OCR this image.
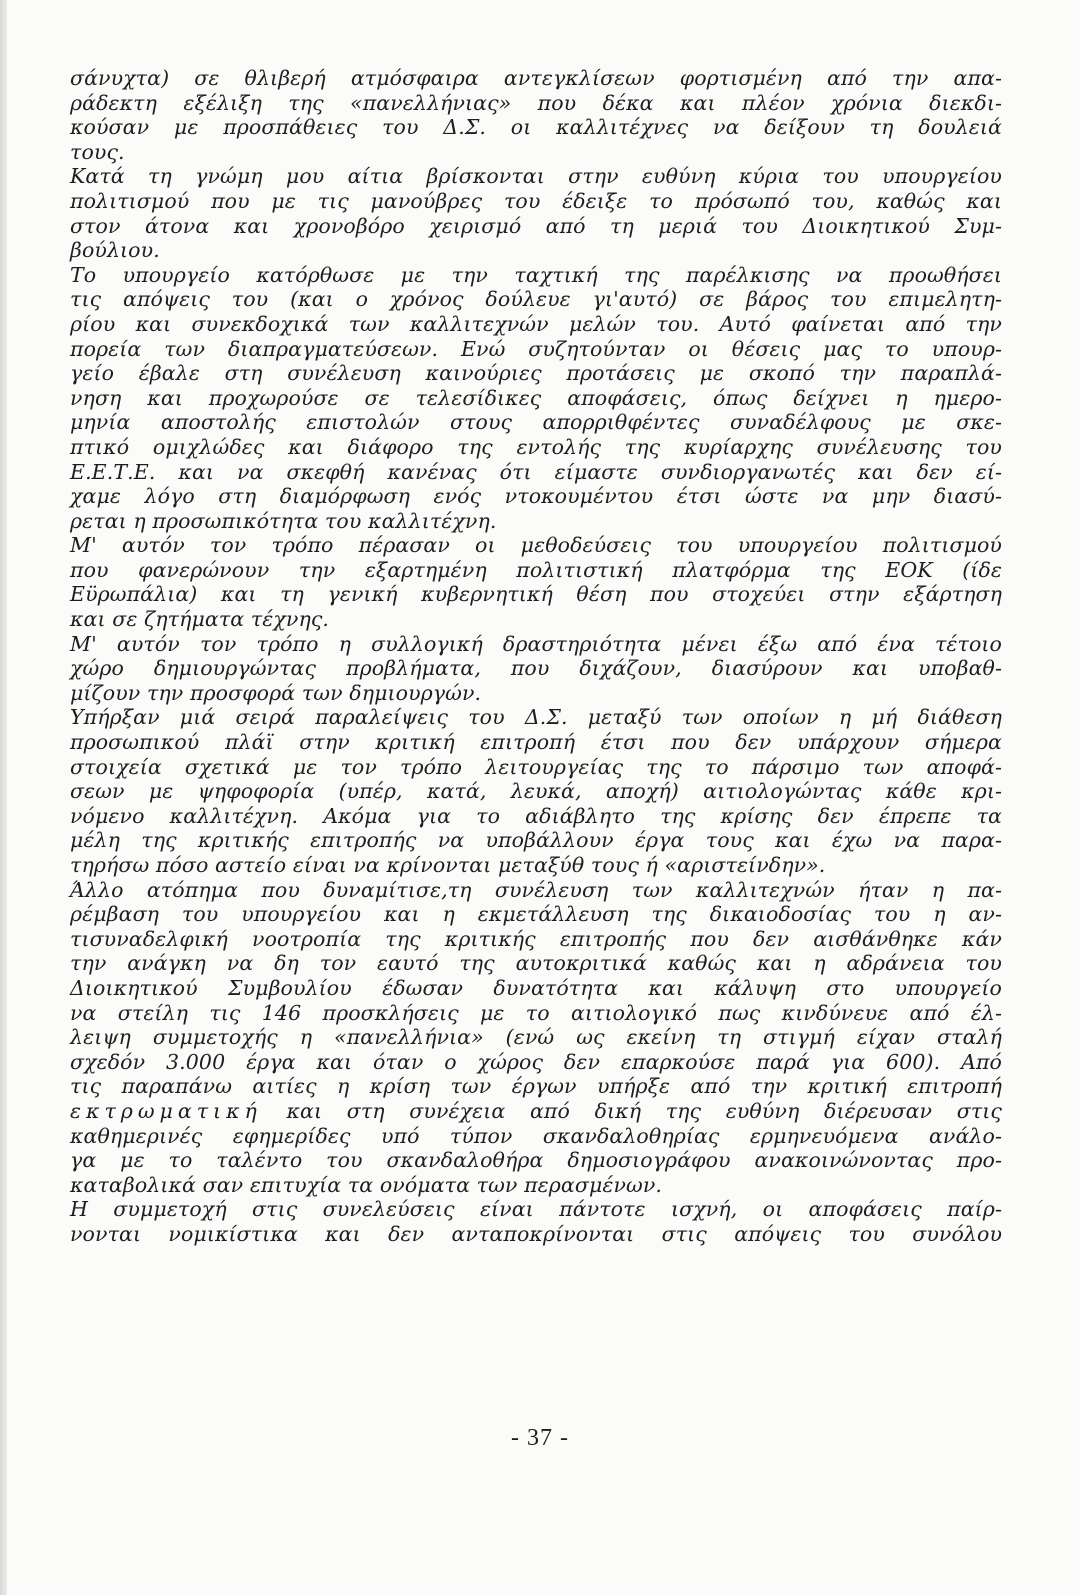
σάνυχτα) σε θλιβερή ατμόσφαιρα αντεγκλίσεων φορτισμένη από την απα-
ράδεκτη εξέλιξη της «πανελλήνιας» που δέκα και πλέον χρόνια διεκδι-
κούσαν με προσπάθειες του Δ.Σ. οι καλλιτέχνες να δείξουν τη δουλειά
τους.
Κατά τη γνώμη μου αίτια βρίσκονται στην ευθύνη κύρια του υπουργείου
πολιτισμού που με τις μανούβρες του έδειξε το πρόσωπό του, καθώς και
στον άτονα και χρονοβόρο χειρισμό από τη μεριά του Διοικητικού Συμ-
βούλιου.
Το υπουργείο κατόρθωσε με την ταχτική της παρέλκισης να προωθήσει
τις απόψεις του (και ο χρόνος δούλευε γι'αυτό) σε βάρος του επιμελητη-
ρίου και συνεκδοχικά των καλλιτεχνών μελών του. Αυτό φαίνεται από την
πορεία των διαπραγματεύσεων. Ενώ συζητούνταν οι θέσεις μας το υπουρ-
γείο έβαλε στη συνέλευση καινούριες προτάσεις με σκοπό την παραπλά-
νηση και προχωρούσε σε τελεσίδικες αποφάσεις, όπως δείχνει η ημερο-
μηνία αποστολής επιστολών στους απορριθφέντες συναδέλφους με σκε-
πτικό ομιχλώδες και διάφορο της εντολής της κυρίαρχης συνέλευσης του
Ε.Ε.Τ.Ε. και να σκεφθή κανένας ότι είμαστε συνδιοργανωτές και δεν εί-
χαμε λόγο στη διαμόρφωση ενός ντοκουμέντου έτσι ώστε να μην διασύ-
ρεται η προσωπικότητα του καλλιτέχνη.
Μ' αυτόν τον τρόπο πέρασαν οι μεθοδεύσεις του υπουργείου πολιτισμού
που φανερώνουν την εξαρτημένη πολιτιστική πλατφόρμα της ΕΟΚ (ίδε
Εϋρωπάλια) και τη γενική κυβερνητική θέση που στοχεύει στην εξάρτηση
και σε ζητήματα τέχνης.
Μ' αυτόν τον τρόπο η συλλογική δραστηριότητα μένει έξω από ένα τέτοιο
χώρο δημιουργώντας προβλήματα, που διχάζουν, διασύρουν και υποβαθ-
μίζουν την προσφορά των δημιουργών.
Υπήρξαν μιά σειρά παραλείψεις του Δ.Σ. μεταξύ των οποίων η μή διάθεση
προσωπικού πλάϊ στην κριτική επιτροπή έτσι που δεν υπάρχουν σήμερα
στοιχεία σχετικά με τον τρόπο λειτουργείας της το πάρσιμο των αποφά-
σεων με ψηφοφορία (υπέρ, κατά, λευκά, αποχή) αιτιολογώντας κάθε κρι-
νόμενο καλλιτέχνη. Ακόμα για το αδιάβλητο της κρίσης δεν έπρεπε τα
μέλη της κριτικής επιτροπής να υποβάλλουν έργα τους και έχω να παρα-
τηρήσω πόσο αστείο είναι να κρίνονται μεταξύθ τους ή «αριστείνδην».
Άλλο ατόπημα που δυναμίτισε,τη συνέλευση των καλλιτεχνών ήταν η πα-
ρέμβαση του υπουργείου και η εκμετάλλευση της δικαιοδοσίας του η αν-
τισυναδελφική νοοτροπία της κριτικής επιτροπής που δεν αισθάνθηκε κάν
την ανάγκη να δη τον εαυτό της αυτοκριτικά καθώς και η αδράνεια του
Διοικητικού Συμβουλίου έδωσαν δυνατότητα και κάλυψη στο υπουργείο
να στείλη τις 146 προσκλήσεις με το αιτιολογικό πως κινδύνευε από έλ-
λειψη συμμετοχής η «πανελλήνια» (ενώ ως εκείνη τη στιγμή είχαν σταλή
σχεδόν 3.000 έργα και όταν ο χώρος δεν επαρκούσε παρά για 600). Από
τις παραπάνω αιτίες η κρίση των έργων υπήρξε από την κριτική επιτροπή
εκτρωματική και στη συνέχεια από δική της ευθύνη διέρευσαν στις
καθημερινές εφημερίδες υπό τύπον σκανδαλοθηρίας ερμηνευόμενα ανάλο-
γα με το ταλέντο του σκανδαλοθήρα δημοσιογράφου ανακοινώνοντας προ-
καταβολικά σαν επιτυχία τα ονόματα των περασμένων.
Η συμμετοχή στις συνελεύσεις είναι πάντοτε ισχνή, οι αποφάσεις παίρ-
νονται νομικίστικα και δεν ανταποκρίνονται στις απόψεις του συνόλου
- 37 -
